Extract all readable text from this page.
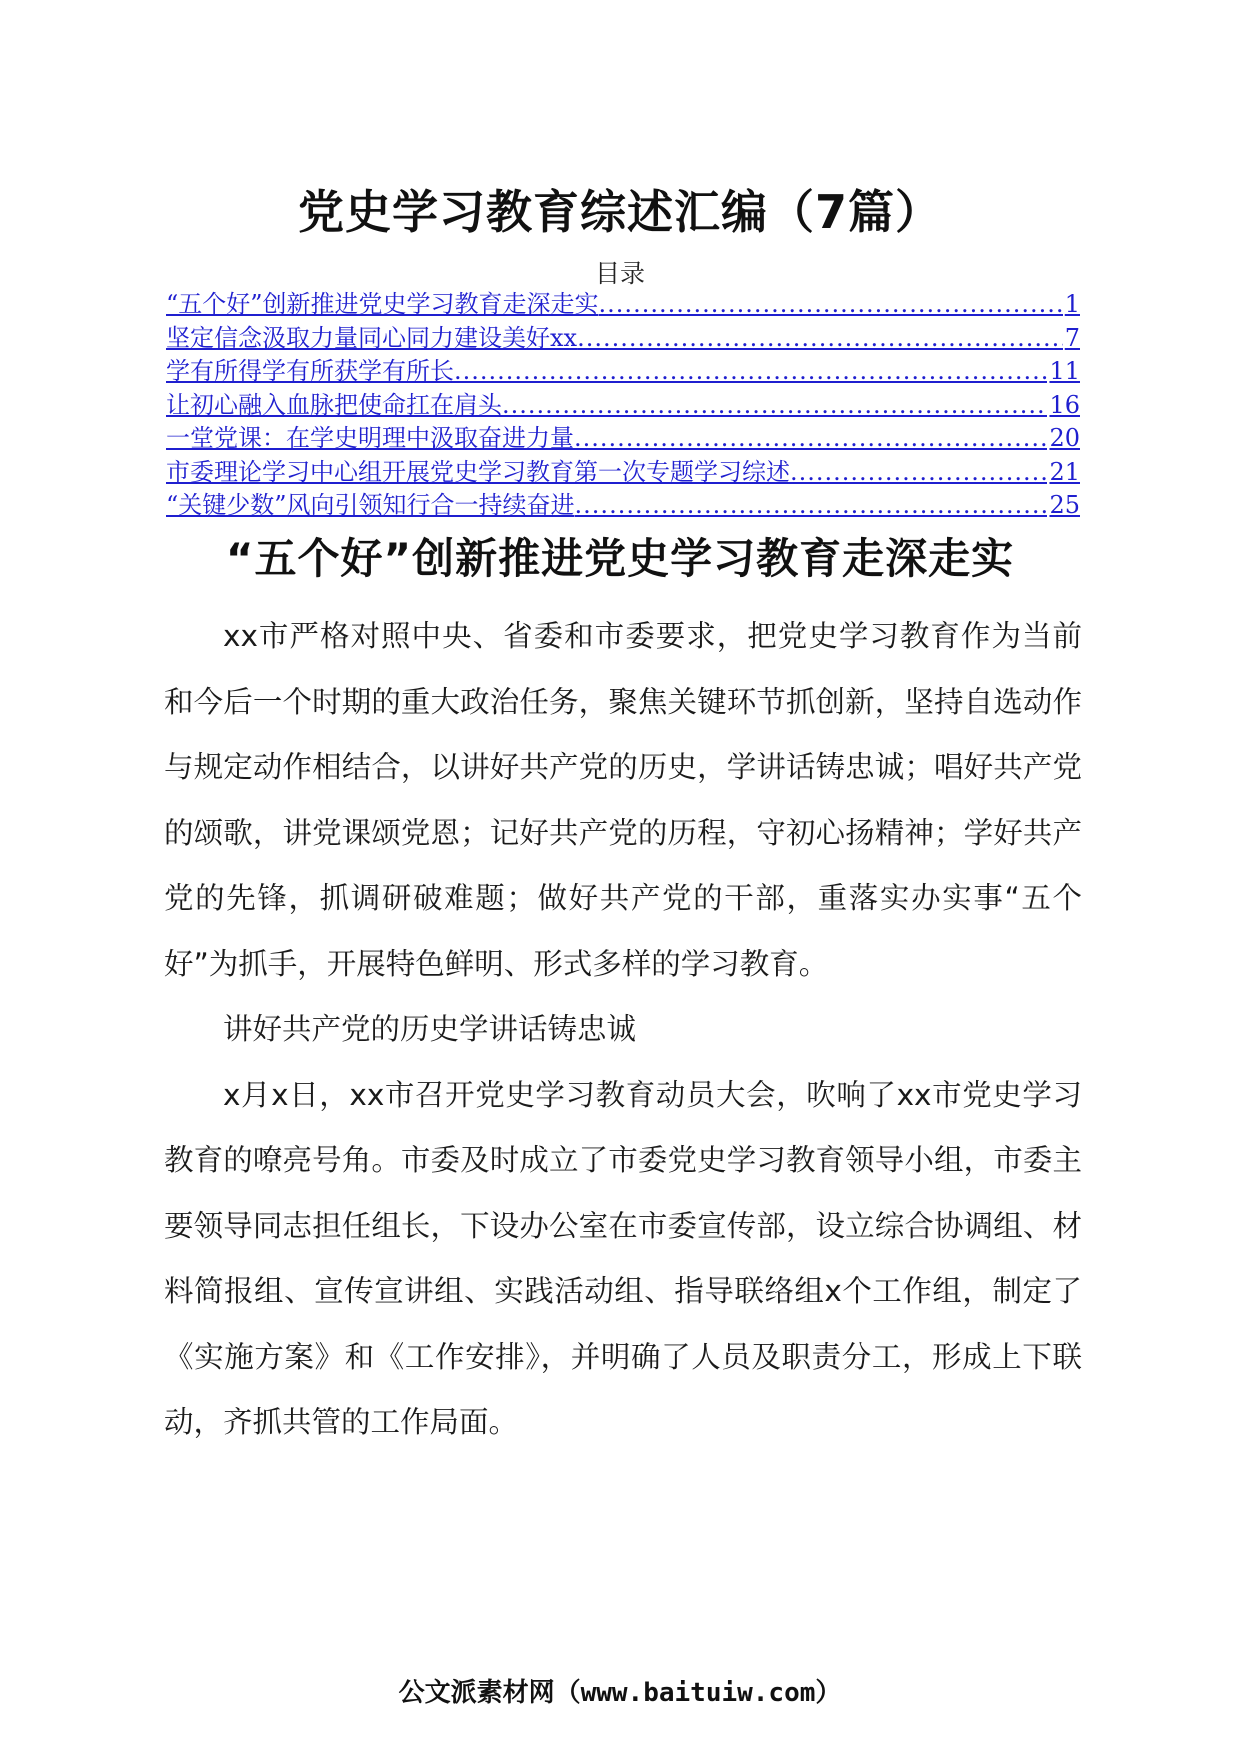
党史学习教育综述汇编（7篇）
目录
“五个好”创新推进党史学习教育走深走实 .....	1
坚定信念汲取力量同心同力建设美好xx .....	7
学有所得学有所获学有所长 .....	11
让初心融入血脉把使命扛在肩头 .....	16
一堂党课：在学史明理中汲取奋进力量 .....	20
市委理论学习中心组开展党史学习教育第一次专题学习综述 .....	21
“关键少数”风向引领知行合一持续奋进 .....	25
“五个好”创新推进党史学习教育走深走实

xx市严格对照中央、省委和市委要求，把党史学习教育作为当前和今后一个时期的重大政治任务，聚焦关键环节抓创新，坚持自选动作与规定动作相结合，以讲好共产党的历史，学讲话铸忠诚；唱好共产党的颂歌，讲党课颂党恩；记好共产党的历程，守初心扬精神；学好共产党的先锋，抓调研破难题；做好共产党的干部，重落实办实事“五个好”为抓手，开展特色鲜明、形式多样的学习教育。

讲好共产党的历史学讲话铸忠诚

x月x日，xx市召开党史学习教育动员大会，吹响了xx市党史学习教育的嘹亮号角。市委及时成立了市委党史学习教育领导小组，市委主要领导同志担任组长，下设办公室在市委宣传部，设立综合协调组、材料简报组、宣传宣讲组、实践活动组、指导联络组x个工作组，制定了《实施方案》和《工作安排》，并明确了人员及职责分工，形成上下联动，齐抓共管的工作局面。

公文派素材网（www.baituiw.com）
